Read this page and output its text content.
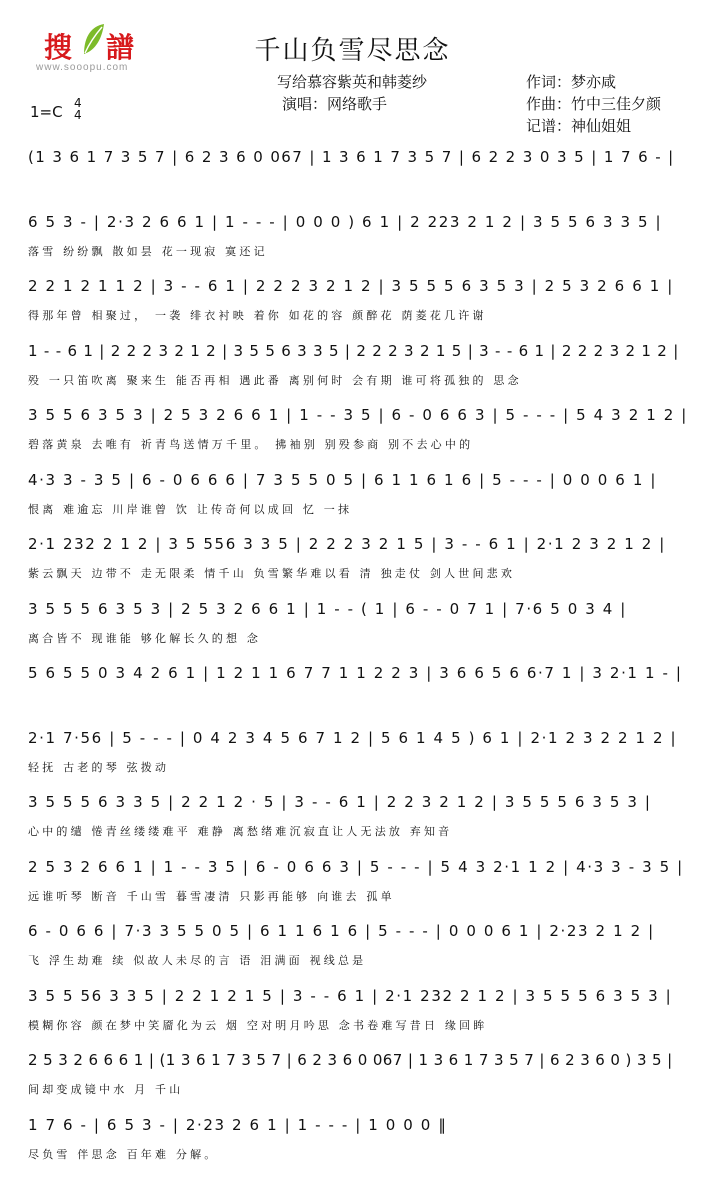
搜 譜
www.sooopu.com
千山负雪尽思念
写给慕容紫英和韩菱纱
演唱：网络歌手
作词：梦亦咸
作曲：竹中三佳夕颜
记谱：神仙姐姐
1=C 4
4
(1 3 6 1 7 3 5 7 | 6 2 3 6 0 067 | 1 3 6 1 7 3 5 7 | 6 2 2 3 0 3 5 | 1 7 6 - |
6 5 3 - | 2·3 2 6 6 1 | 1 - - - | 0 0 0 ) 6 1 | 2 223 2 1 2 | 3 5 5 6 3 3 5 |
落雪 纷纷飘 散如昙 花一现寂 寞还记
2 2 1 2 1 1 2 | 3 - - 6 1 | 2 2 2 3 2 1 2 | 3 5 5 5 6 3 5 3 | 2 5 3 2 6 6 1 |
得那年曾 相聚过， 一袭 绯衣衬映 着你 如花的容 颜醉花 荫菱花几许谢
1 - - 6 1 | 2 2 2 3 2 1 2 | 3 5 5 6 3 3 5 | 2 2 2 3 2 1 5 | 3 - - 6 1 | 2 2 2 3 2 1 2 |
殁 一只笛吹离 聚来生 能否再相 遇此番 离别何时 会有期 谁可将孤独的 思念
3 5 5 6 3 5 3 | 2 5 3 2 6 6 1 | 1 - - 3 5 | 6 - 0 6 6 3 | 5 - - - | 5 4 3 2 1 2 |
碧落黄泉 去唯有 祈青鸟送情万千里。 拂袖别 别殁参商 别不去心中的
4·3 3 - 3 5 | 6 - 0 6 6 6 | 7 3 5 5 0 5 | 6 1 1 6 1 6 | 5 - - - | 0 0 0 6 1 |
恨离 难逾忘 川岸谁曾 饮 让传奇何以成回 忆 一抹
2·1 232 2 1 2 | 3 5 556 3 3 5 | 2 2 2 3 2 1 5 | 3 - - 6 1 | 2·1 2 3 2 1 2 |
紫云飘天 边带不 走无限柔 情千山 负雪繁华难以看 清 独走仗 剑人世间悲欢
3 5 5 5 6 3 5 3 | 2 5 3 2 6 6 1 | 1 - - ( 1 | 6 - - 0 7 1 | 7·6 5 0 3 4 |
离合皆不 现谁能 够化解长久的想 念
5 6 5 5 0 3 4 2 6 1 | 1 2 1 1 6 7 7 1 1 2 2 3 | 3 6 6 5 6 6·7 1 | 3 2·1 1 - |
2·1 7·56 | 5 - - - | 0 4 2 3 4 5 6 7 1 2 | 5 6 1 4 5 ) 6 1 | 2·1 2 3 2 2 1 2 |
轻抚 古老的琴 弦拨动
3 5 5 5 6 3 3 5 | 2 2 1 2 · 5 | 3 - - 6 1 | 2 2 3 2 1 2 | 3 5 5 5 6 3 5 3 |
心中的缱 惓青丝缕缕难平 难静 离愁绪难沉寂直让人无法放 弃知音
2 5 3 2 6 6 1 | 1 - - 3 5 | 6 - 0 6 6 3 | 5 - - - | 5 4 3 2·1 1 2 | 4·3 3 - 3 5 |
远谁听琴 断音 千山雪 暮雪凄清 只影再能够 向谁去 孤单
6 - 0 6 6 | 7·3 3 5 5 0 5 | 6 1 1 6 1 6 | 5 - - - | 0 0 0 6 1 | 2·23 2 1 2 |
飞 浮生劫难 续 似故人未尽的言 语 泪满面 视线总是
3 5 5 56 3 3 5 | 2 2 1 2 1 5 | 3 - - 6 1 | 2·1 232 2 1 2 | 3 5 5 5 6 3 5 3 |
模糊你容 颜在梦中笑靥化为云 烟 空对明月吟思 念书卷难写昔日 缘回眸
2 5 3 2 6 6 6 1 | (1 3 6 1 7 3 5 7 | 6 2 3 6 0 067 | 1 3 6 1 7 3 5 7 | 6 2 3 6 0 ) 3 5 |
间却变成镜中水 月 千山
1 7 6 - | 6 5 3 - | 2·23 2 6 1 | 1 - - - | 1 0 0 0 ‖
尽负雪 伴思念 百年难 分解。
